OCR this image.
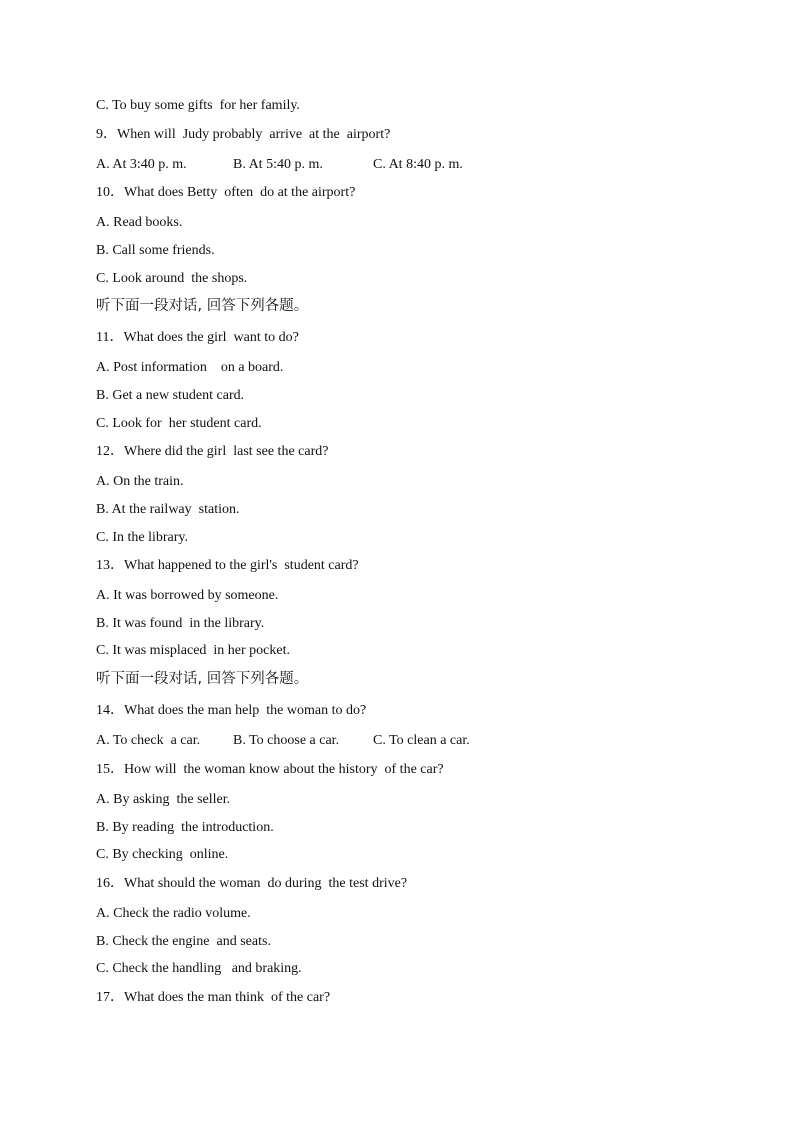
C. To buy some gifts  for her family.
9．When will  Judy probably  arrive  at the  airport?
A. At 3:40 p. m.	B. At 5:40 p. m.	C. At 8:40 p. m.
10．What does Betty  often  do at the airport?
A. Read books.
B. Call some friends.
C. Look around  the shops.
听下面一段对话, 回答下列各题。
11．What does the girl  want to do?
A. Post information    on a board.
B. Get a new student card.
C. Look for  her student card.
12．Where did the girl  last see the card?
A. On the train.
B. At the railway  station.
C. In the library.
13．What happened to the girl's  student card?
A. It was borrowed by someone.
B. It was found  in the library.
C. It was misplaced  in her pocket.
听下面一段对话, 回答下列各题。
14．What does the man help  the woman to do?
A. To check  a car.	B. To choose a car.	C. To clean a car.
15．How will  the woman know about the history  of the car?
A. By asking  the seller.
B. By reading  the introduction.
C. By checking  online.
16．What should the woman  do during  the test drive?
A. Check the radio volume.
B. Check the engine  and seats.
C. Check the handling   and braking.
17．What does the man think  of the car?
